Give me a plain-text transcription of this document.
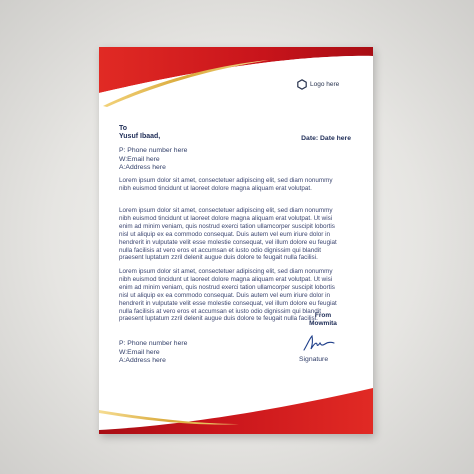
Logo here
To
Yusuf Ibaad,	Date: Date here
P: Phone number here
W:Email here
A:Address here
Lorem ipsum dolor sit amet, consectetuer adipiscing elit, sed diam nonummy
nibh euismod tincidunt ut laoreet dolore magna aliquam erat volutpat.
Lorem ipsum dolor sit amet, consectetuer adipiscing elit, sed diam nonummy
nibh euismod tincidunt ut laoreet dolore magna aliquam erat volutpat. Ut wisi
enim ad minim veniam, quis nostrud exerci tation ullamcorper suscipit lobortis
nisl ut aliquip ex ea commodo consequat. Duis autem vel eum iriure dolor in
hendrerit in vulputate velit esse molestie consequat, vel illum dolore eu feugiat
nulla facilisis at vero eros et accumsan et iusto odio dignissim qui blandit
praesent luptatum zzril delenit augue duis dolore te feugait nulla facilisi.
Lorem ipsum dolor sit amet, consectetuer adipiscing elit, sed diam nonummy
nibh euismod tincidunt ut laoreet dolore magna aliquam erat volutpat. Ut wisi
enim ad minim veniam, quis nostrud exerci tation ullamcorper suscipit lobortis
nisl ut aliquip ex ea commodo consequat. Duis autem vel eum iriure dolor in
hendrerit in vulputate velit esse molestie consequat, vel illum dolore eu feugiat
nulla facilisis at vero eros et accumsan et iusto odio dignissim qui blandit
praesent luptatum zzril delenit augue duis dolore te feugait nulla facilisi.
P: Phone number here
W:Email here
A:Address here
From
Mowmita
Signature
